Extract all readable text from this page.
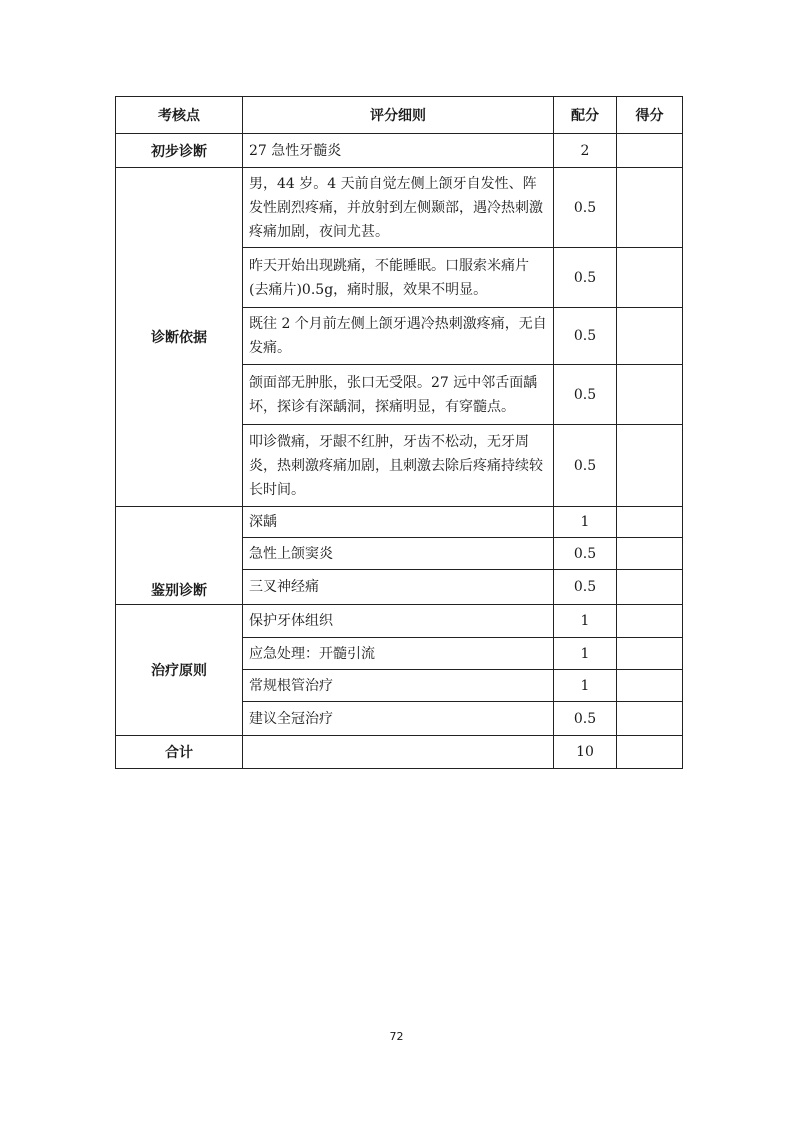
考核点	评分细则	配分	得分
初步诊断	27 急性牙髓炎	2	
诊断依据	男，44 岁。4 天前自觉左侧上颌牙自发性、阵发性剧烈疼痛，并放射到左侧颞部，遇冷热刺激疼痛加剧，夜间尤甚。	0.5	
	昨天开始出现跳痛，不能睡眠。口服索米痛片(去痛片)0.5g，痛时服，效果不明显。	0.5	
	既往 2 个月前左侧上颌牙遇冷热刺激疼痛，无自发痛。	0.5	
	颌面部无肿胀，张口无受限。27 远中邻舌面龋坏，探诊有深龋洞，探痛明显，有穿髓点。	0.5	
	叩诊微痛，牙龈不红肿，牙齿不松动，无牙周炎，热刺激疼痛加剧，且刺激去除后疼痛持续较长时间。	0.5	
鉴别诊断	深龋	1	
	急性上颌窦炎	0.5	
	三叉神经痛	0.5	
治疗原则	保护牙体组织	1	
	应急处理：开髓引流	1	
	常规根管治疗	1	
	建议全冠治疗	0.5	
合计		10	
72
